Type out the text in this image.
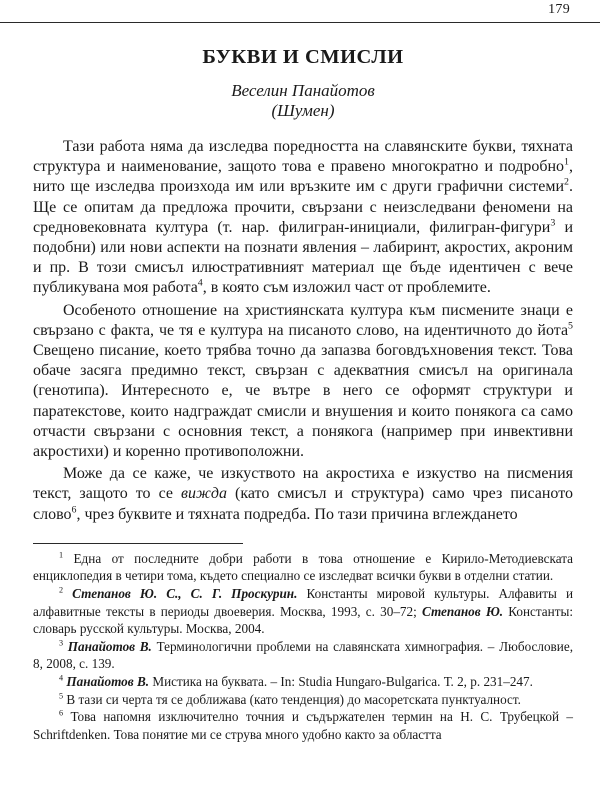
179
БУКВИ И СМИСЛИ

Веселин Панайотов

(Шумен)

Тази работа няма да изследва поредността на славянските букви, тяхната структура и наименование, защото това е правено многократно и подробно$^1$, нито ще изследва произхода им или връзките им с други графични системи$^2$. Ще се опитам да предложа прочити, свързани с неизследвани феномени на средновековната култура (т. нар. филигран-инициали, филигран-фигури$^3$ и подобни) или нови аспекти на познати явления – лабиринт, акростих, акроним и пр. В този смисъл илюстративният материал ще бъде идентичен с вече публикувана моя работа$^4$, в която съм изложил част от проблемите.

Особеното отношение на християнската култура към писмените знаци е свързано с факта, че тя е култура на писаното слово, на идентичното до йота$^5$ Свещено писание, което трябва точно да запазва боговдъхновения текст. Това обаче засяга предимно текст, свързан с адекватния смисъл на оригинала (генотипа). Интересното е, че вътре в него се оформят структури и паратекстове, които надграждат смисли и внушения и които понякога са само отчасти свързани с основния текст, а понякога (например при инвективни акростихи) и коренно противоположни.

Може да се каже, че изкуството на акростиха е изкуство на писмения текст, защото то се вижда (като смисъл и структура) само чрез писаното слово$^6$, чрез буквите и тяхната подредба. По тази причина вглеждането

$^1$ Една от последните добри работи в това отношение е Кирило-Методиевската енциклопедия в четири тома, където специално се изследват всички букви в отделни статии.

$^2$ Степанов Ю. С., С. Г. Проскурин. Константы мировой культуры. Алфавиты и алфавитные тексты в периоды двоеверия. Москва, 1993, с. 30–72; Степанов Ю. Константы: словарь русской культуры. Москва, 2004.

$^3$ Панайотов В. Терминологични проблеми на славянската химнография. – Любословие, 8, 2008, с. 139.

$^4$ Панайотов В. Мистика на буквата. – In: Studia Hungaro-Bulgarica. Т. 2, р. 231–247.

$^5$ В тази си черта тя се доближава (като тенденция) до масоретската пунктуалност.

$^6$ Това напомня изключително точния и съдържателен термин на Н. С. Трубецкой – Schriftdenken. Това понятие ми се струва много удобно както за областта
